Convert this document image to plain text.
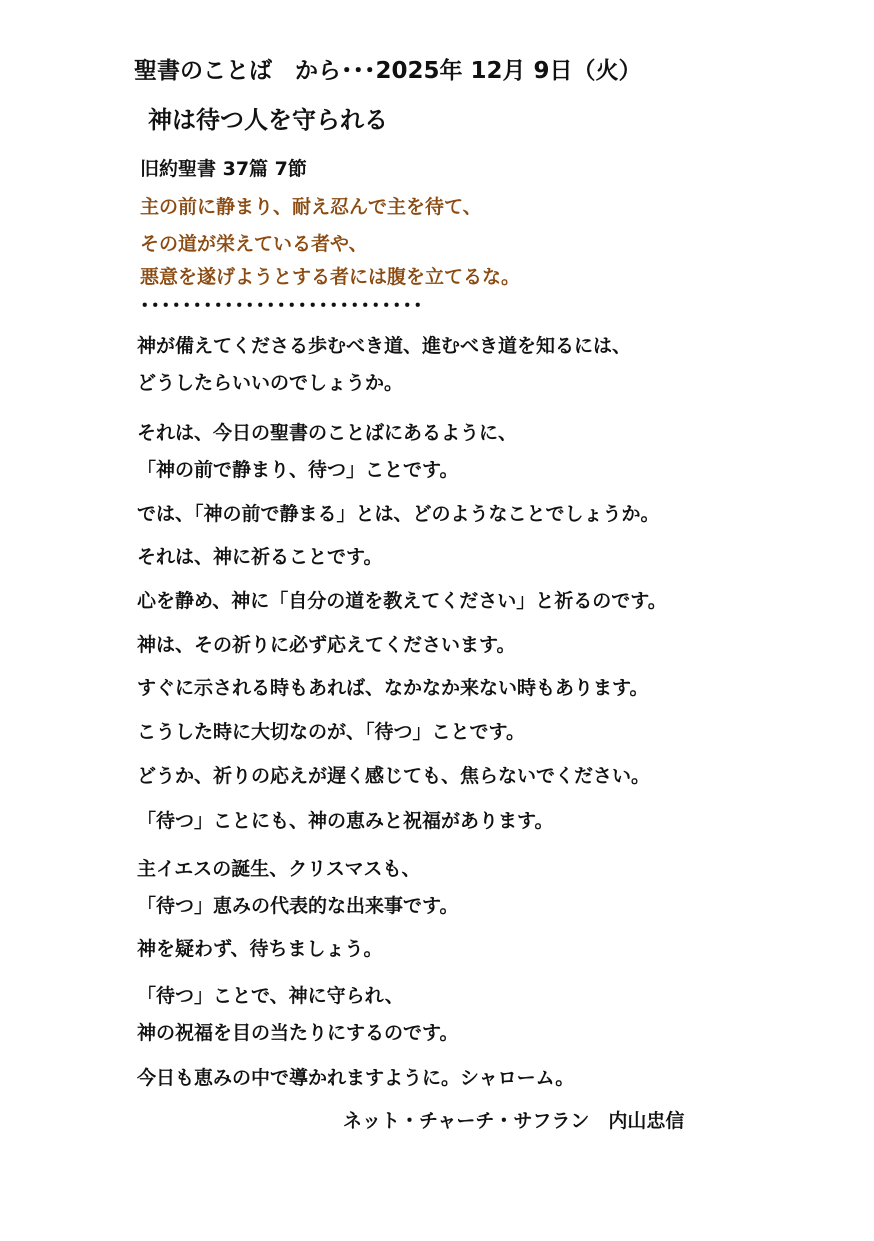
聖書のことば　から･･･2025年 12月 9日（火）
神は待つ人を守られる
旧約聖書 37篇 7節
主の前に静まり、耐え忍んで主を待て、
その道が栄えている者や、
悪意を遂げようとする者には腹を立てるな。
･･･････････････････････････
神が備えてくださる歩むべき道、進むべき道を知るには、
どうしたらいいのでしょうか。
それは、今日の聖書のことばにあるように、
「神の前で静まり、待つ」ことです。
では、「神の前で静まる」とは、どのようなことでしょうか。
それは、神に祈ることです。
心を静め、神に「自分の道を教えてください」と祈るのです。
神は、その祈りに必ず応えてくださいます。
すぐに示される時もあれば、なかなか来ない時もあります。
こうした時に大切なのが、「待つ」ことです。
どうか、祈りの応えが遅く感じても、焦らないでください。
「待つ」ことにも、神の恵みと祝福があります。
主イエスの誕生、クリスマスも、
「待つ」恵みの代表的な出来事です。
神を疑わず、待ちましょう。
「待つ」ことで、神に守られ、
神の祝福を目の当たりにするのです。
今日も恵みの中で導かれますように。シャローム。
ネット・チャーチ・サフラン　内山忠信
